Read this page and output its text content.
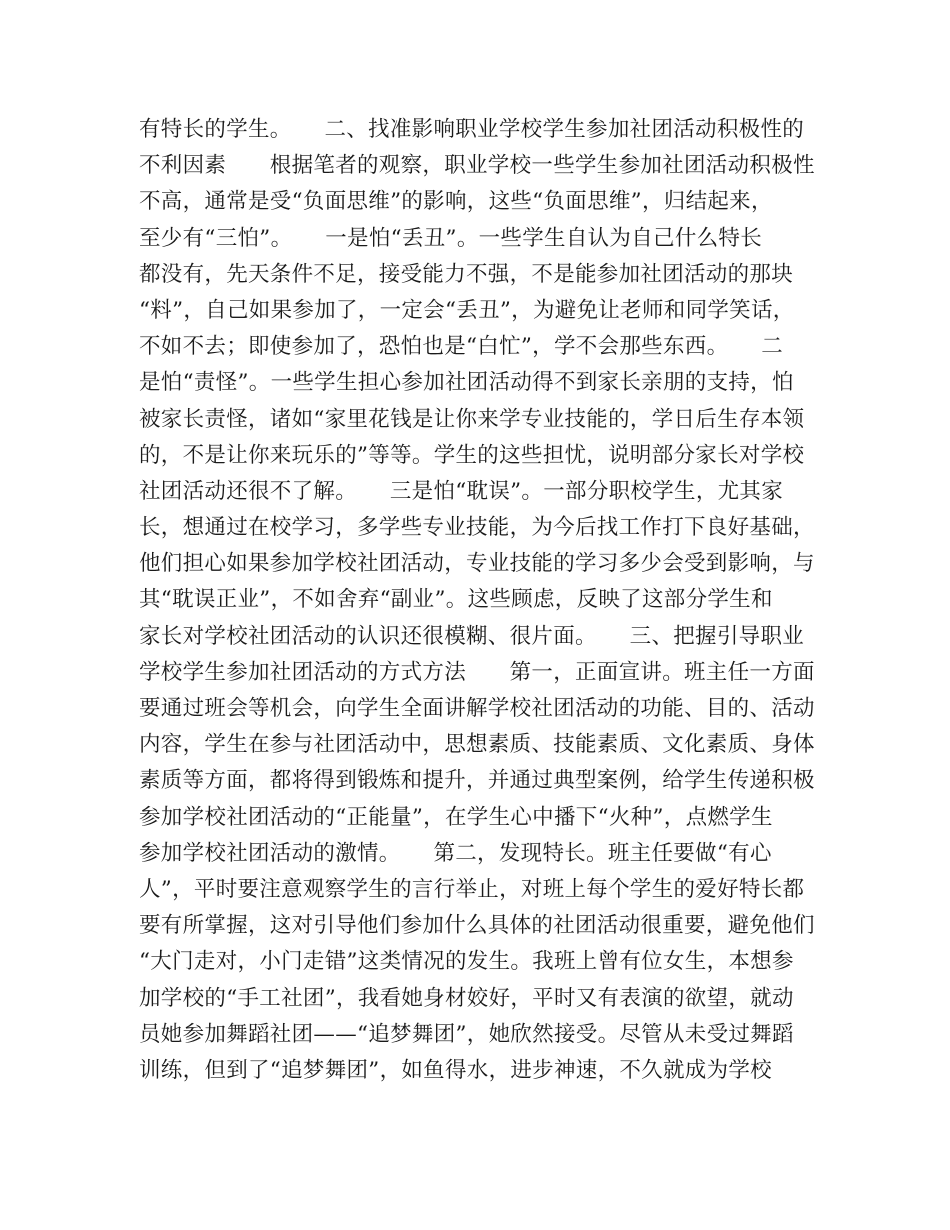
有特长的学生。　　二、找准影响职业学校学生参加社团活动积极性的
不利因素　　根据笔者的观察，职业学校一些学生参加社团活动积极性
不高，通常是受“负面思维”的影响，这些“负面思维”，归结起来，
至少有“三怕”。　　一是怕“丢丑”。一些学生自认为自己什么特长
都没有，先天条件不足，接受能力不强，不是能参加社团活动的那块
“料”，自己如果参加了，一定会“丢丑”，为避免让老师和同学笑话，
不如不去；即使参加了，恐怕也是“白忙”，学不会那些东西。　　二
是怕“责怪”。一些学生担心参加社团活动得不到家长亲朋的支持，怕
被家长责怪，诸如“家里花钱是让你来学专业技能的，学日后生存本领
的，不是让你来玩乐的”等等。学生的这些担忧，说明部分家长对学校
社团活动还很不了解。　　三是怕“耽误”。一部分职校学生，尤其家
长，想通过在校学习，多学些专业技能，为今后找工作打下良好基础，
他们担心如果参加学校社团活动，专业技能的学习多少会受到影响，与
其“耽误正业”，不如舍弃“副业”。这些顾虑，反映了这部分学生和
家长对学校社团活动的认识还很模糊、很片面。　　三、把握引导职业
学校学生参加社团活动的方式方法　　第一，正面宣讲。班主任一方面
要通过班会等机会，向学生全面讲解学校社团活动的功能、目的、活动
内容，学生在参与社团活动中，思想素质、技能素质、文化素质、身体
素质等方面，都将得到锻炼和提升，并通过典型案例，给学生传递积极
参加学校社团活动的“正能量”，在学生心中播下“火种”，点燃学生
参加学校社团活动的激情。　　第二，发现特长。班主任要做“有心
人”，平时要注意观察学生的言行举止，对班上每个学生的爱好特长都
要有所掌握，这对引导他们参加什么具体的社团活动很重要，避免他们
“大门走对，小门走错”这类情况的发生。我班上曾有位女生，本想参
加学校的“手工社团”，我看她身材姣好，平时又有表演的欲望，就动
员她参加舞蹈社团——“追梦舞团”，她欣然接受。尽管从未受过舞蹈
训练，但到了“追梦舞团”，如鱼得水，进步神速，不久就成为学校
